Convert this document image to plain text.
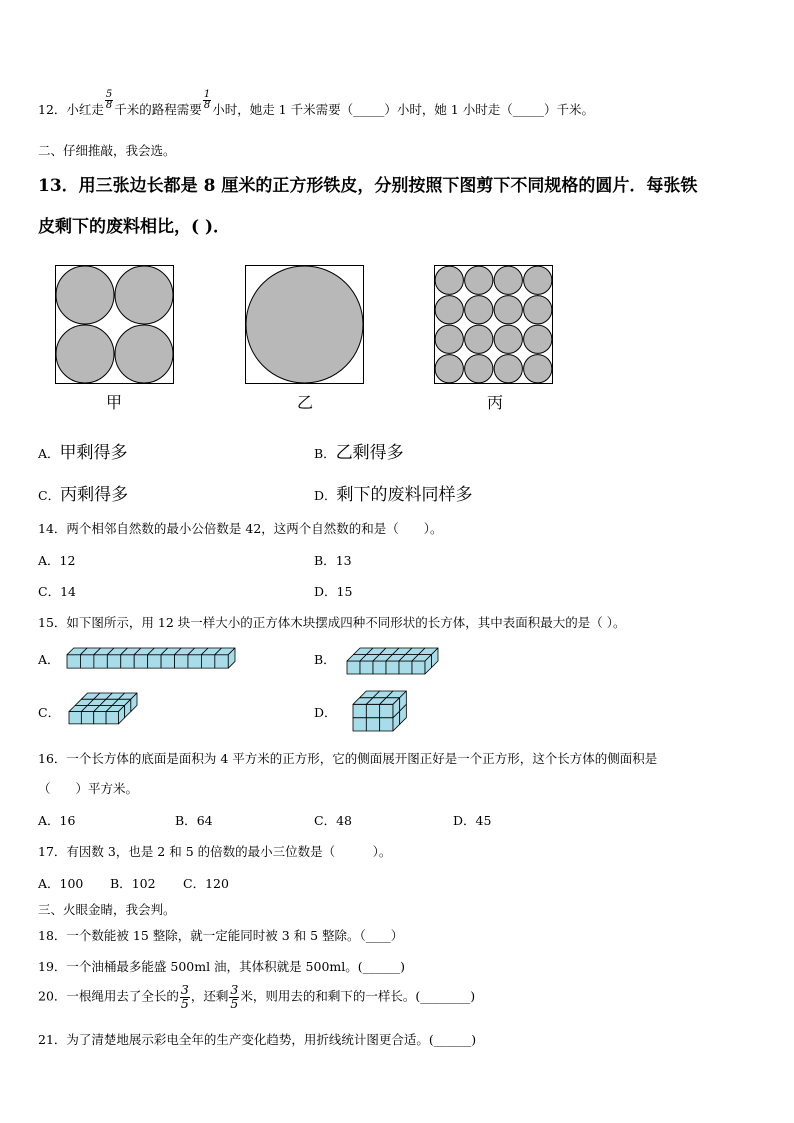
12．小红走 $\frac{5}{8}$ 千米的路程需要 $\frac{1}{8}$ 小时，她走 1 千米需要（_____）小时，她 1 小时走（_____）千米。
二、仔细推敲，我会选。
13．用三张边长都是 8 厘米的正方形铁皮，分别按照下图剪下不同规格的圆片．每张铁
皮剩下的废料相比，( )．
甲	乙	丙
A．甲剩得多	B．乙剩得多
C．丙剩得多	D．剩下的废料同样多
14．两个相邻自然数的最小公倍数是 42，这两个自然数的和是（　　）。
A．12	B．13
C．14	D．15
15．如下图所示，用 12 块一样大小的正方体木块摆成四种不同形状的长方体，其中表面积最大的是（ ）。
A．	B．
C．	D．
16．一个长方体的底面是面积为 4 平方米的正方形，它的侧面展开图正好是一个正方形，这个长方体的侧面积是
（　　）平方米。
A．16	B．64	C．48	D．45
17．有因数 3，也是 2 和 5 的倍数的最小三位数是（　　　）。
A．100 B．102 C．120
三、火眼金睛，我会判。
18．一个数能被 15 整除，就一定能同时被 3 和 5 整除。（____）
19．一个油桶最多能盛 500ml 油，其体积就是 500ml。(______)
20．一根绳用去了全长的 $\frac{3}{5}$ ，还剩 $\frac{3}{5}$ 米，则用去的和剩下的一样长。(________)
21．为了清楚地展示彩电全年的生产变化趋势，用折线统计图更合适。(______)
